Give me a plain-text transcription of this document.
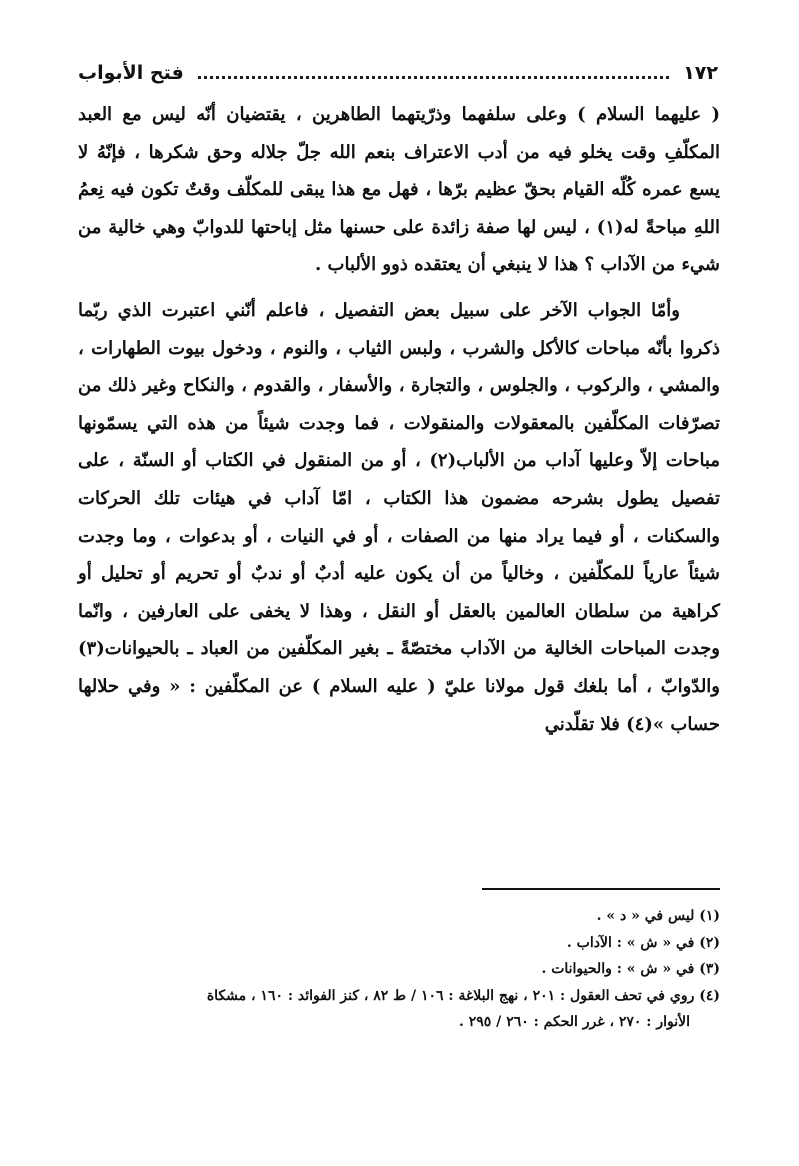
١٧٢
فتح الأبواب

( عليهما السلام ) وعلى سلفهما وذرّيتهما الطاهرين ، يقتضيان أنّه ليس مع العبد المكلّفِ وقت يخلو فيه من أدب الاعتراف بنعم الله جلّ جلاله وحق شكرها ، فإنّهُ لا يسع عمره كُلّه القيام بحقّ عظيم برّها ، فهل مع هذا يبقى للمكلّف وقتٌ تكون فيه نِعمُ اللهِ مباحةً له(١) ، ليس لها صفة زائدة على حسنها مثل إباحتها للدوابّ وهي خالية من شيء من الآداب ؟ هذا لا ينبغي أن يعتقده ذوو الألباب .

وأمّا الجواب الآخر على سبيل بعض التفصيل ، فاعلم أنّني اعتبرت الذي ربّما ذكروا بأنّه مباحات كالأكل والشرب ، ولبس الثياب ، والنوم ، ودخول بيوت الطهارات ، والمشي ، والركوب ، والجلوس ، والتجارة ، والأسفار ، والقدوم ، والنكاح وغير ذلك من تصرّفات المكلّفين بالمعقولات والمنقولات ، فما وجدت شيئاً من هذه التي يسمّونها مباحات إلاّ وعليها آداب من الألباب(٢) ، أو من المنقول في الكتاب أو السنّة ، على تفصيل يطول بشرحه مضمون هذا الكتاب ، امّا آداب في هيئات تلك الحركات والسكنات ، أو فيما يراد منها من الصفات ، أو في النيات ، أو بدعوات ، وما وجدت شيئاً عارياً للمكلّفين ، وخالياً من أن يكون عليه أدبٌ أو ندبٌ أو تحريم أو تحليل أو كراهية من سلطان العالمين بالعقل أو النقل ، وهذا لا يخفى على العارفين ، وانّما وجدت المباحات الخالية من الآداب مختصّةً ـ بغير المكلّفين من العباد ـ بالحيوانات(٣) والدّوابّ ، أما بلغك قول مولانا عليّ ( عليه السلام ) عن المكلّفين : « وفي حلالها حساب »(٤) فلا تقلّدني

(١) ليس في « د » .

(٢) في « ش » : الآداب .

(٣) في « ش » : والحيوانات .

(٤) روي في تحف العقول : ٢٠١ ، نهج البلاغة : ١٠٦ / ط ٨٢ ، كنز الفوائد : ١٦٠ ، مشكاة

الأنوار : ٢٧٠ ، غرر الحكم : ٢٦٠ / ٢٩٥ .
